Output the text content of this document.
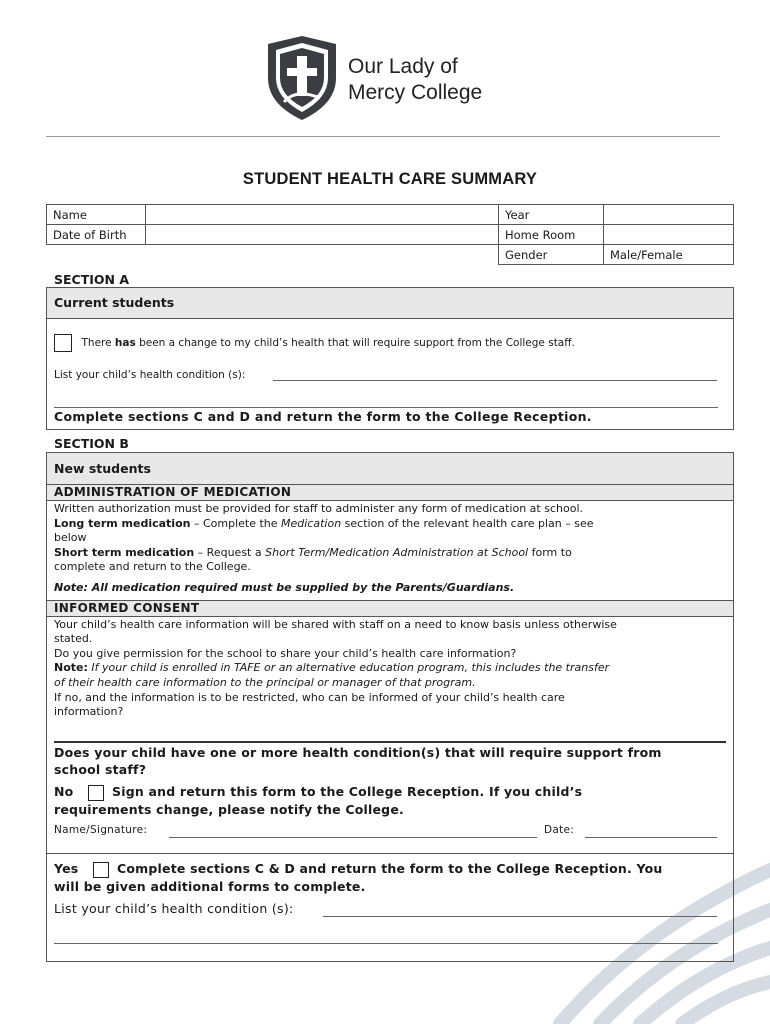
Our Lady of
Mercy College
STUDENT HEALTH CARE SUMMARY
Name		Year	
Date of Birth		Home Room	
		Gender	Male/Female
SECTION A
Current students
There has been a change to my child’s health that will require support from the College staff.
List your child’s health condition (s):
Complete sections C and D and return the form to the College Reception.
SECTION B
New students
ADMINISTRATION OF MEDICATION
Written authorization must be provided for staff to administer any form of medication at school.
Long term medication – Complete the Medication section of the relevant health care plan – see
below
Short term medication – Request a Short Term/Medication Administration at School form to
complete and return to the College.
Note: All medication required must be supplied by the Parents/Guardians.
INFORMED CONSENT
Your child’s health care information will be shared with staff on a need to know basis unless otherwise
stated.
Do you give permission for the school to share your child’s health care information?
Note: If your child is enrolled in TAFE or an alternative education program, this includes the transfer
of their health care information to the principal or manager of that program.
If no, and the information is to be restricted, who can be informed of your child’s health care
information?
Does your child have one or more health condition(s) that will require support from
school staff?
No	Sign and return this form to the College Reception. If you child’s
requirements change, please notify the College.
Name/Signature:	Date:
Yes	Complete sections C & D and return the form to the College Reception. You
will be given additional forms to complete.
List your child’s health condition (s):
